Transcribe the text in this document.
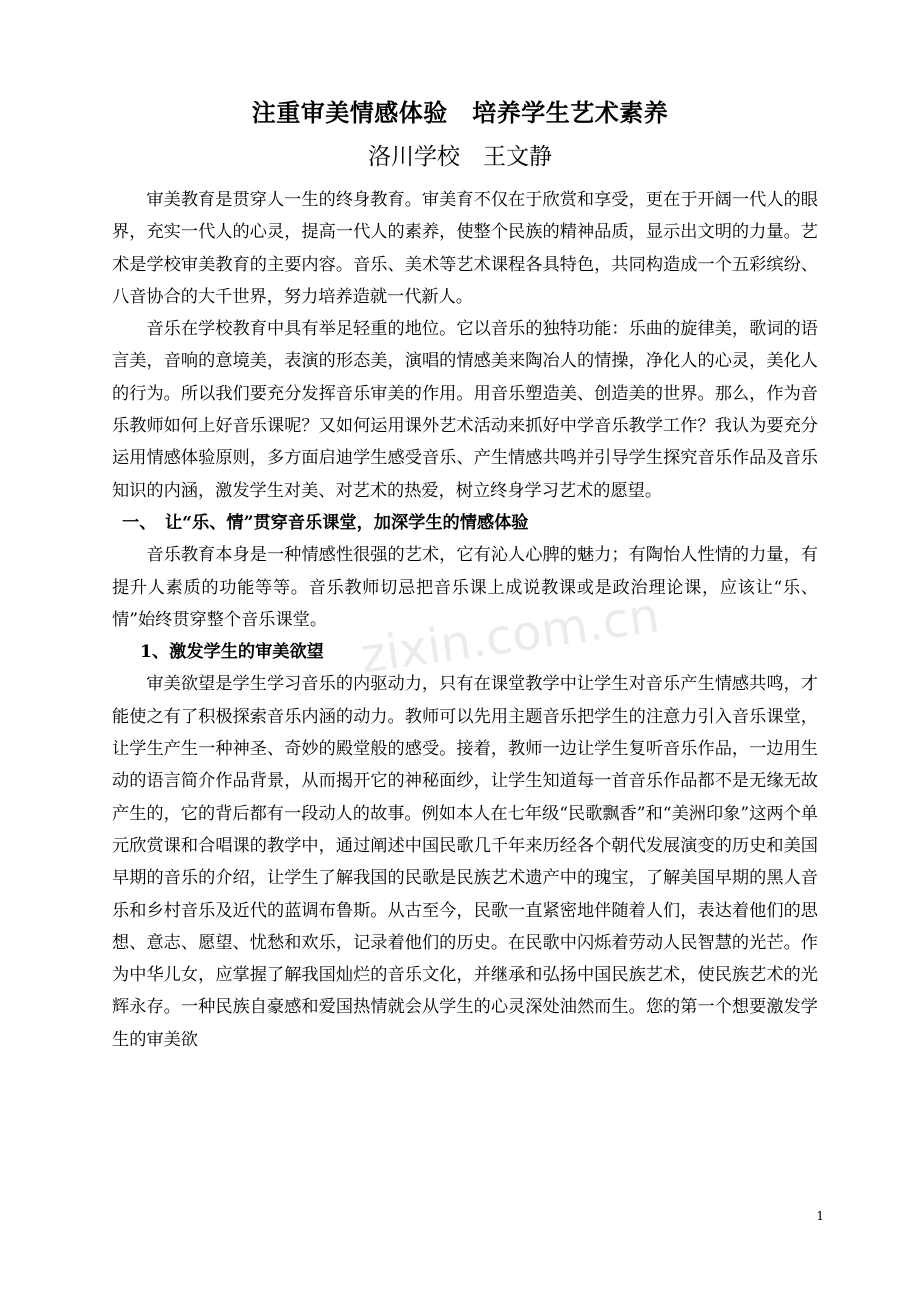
注重审美情感体验　培养学生艺术素养
洛川学校　王文静

审美教育是贯穿人一生的终身教育。审美育不仅在于欣赏和享受，更在于开阔一代人的眼界，充实一代人的心灵，提高一代人的素养，使整个民族的精神品质，显示出文明的力量。艺术是学校审美教育的主要内容。音乐、美术等艺术课程各具特色，共同构造成一个五彩缤纷、八音协合的大千世界，努力培养造就一代新人。

音乐在学校教育中具有举足轻重的地位。它以音乐的独特功能：乐曲的旋律美，歌词的语言美，音响的意境美，表演的形态美，演唱的情感美来陶冶人的情操，净化人的心灵，美化人的行为。所以我们要充分发挥音乐审美的作用。用音乐塑造美、创造美的世界。那么，作为音乐教师如何上好音乐课呢？又如何运用课外艺术活动来抓好中学音乐教学工作？我认为要充分运用情感体验原则，多方面启迪学生感受音乐、产生情感共鸣并引导学生探究音乐作品及音乐知识的内涵，激发学生对美、对艺术的热爱，树立终身学习艺术的愿望。

一、　让“乐、情”贯穿音乐课堂，加深学生的情感体验

音乐教育本身是一种情感性很强的艺术，它有沁人心脾的魅力；有陶怡人性情的力量，有提升人素质的功能等等。音乐教师切忌把音乐课上成说教课或是政治理论课，应该让“乐、情”始终贯穿整个音乐课堂。

1、激发学生的审美欲望

审美欲望是学生学习音乐的内驱动力，只有在课堂教学中让学生对音乐产生情感共鸣，才能使之有了积极探索音乐内涵的动力。教师可以先用主题音乐把学生的注意力引入音乐课堂，让学生产生一种神圣、奇妙的殿堂般的感受。接着，教师一边让学生复听音乐作品，一边用生动的语言简介作品背景，从而揭开它的神秘面纱，让学生知道每一首音乐作品都不是无缘无故产生的，它的背后都有一段动人的故事。例如本人在七年级“民歌飘香”和“美洲印象”这两个单元欣赏课和合唱课的教学中，通过阐述中国民歌几千年来历经各个朝代发展演变的历史和美国早期的音乐的介绍，让学生了解我国的民歌是民族艺术遗产中的瑰宝，了解美国早期的黑人音乐和乡村音乐及近代的蓝调布鲁斯。从古至今，民歌一直紧密地伴随着人们，表达着他们的思想、意志、愿望、忧愁和欢乐，记录着他们的历史。在民歌中闪烁着劳动人民智慧的光芒。作为中华儿女，应掌握了解我国灿烂的音乐文化，并继承和弘扬中国民族艺术，使民族艺术的光辉永存。一种民族自豪感和爱国热情就会从学生的心灵深处油然而生。您的第一个想要激发学生的审美欲

zixin.com.cn
1
